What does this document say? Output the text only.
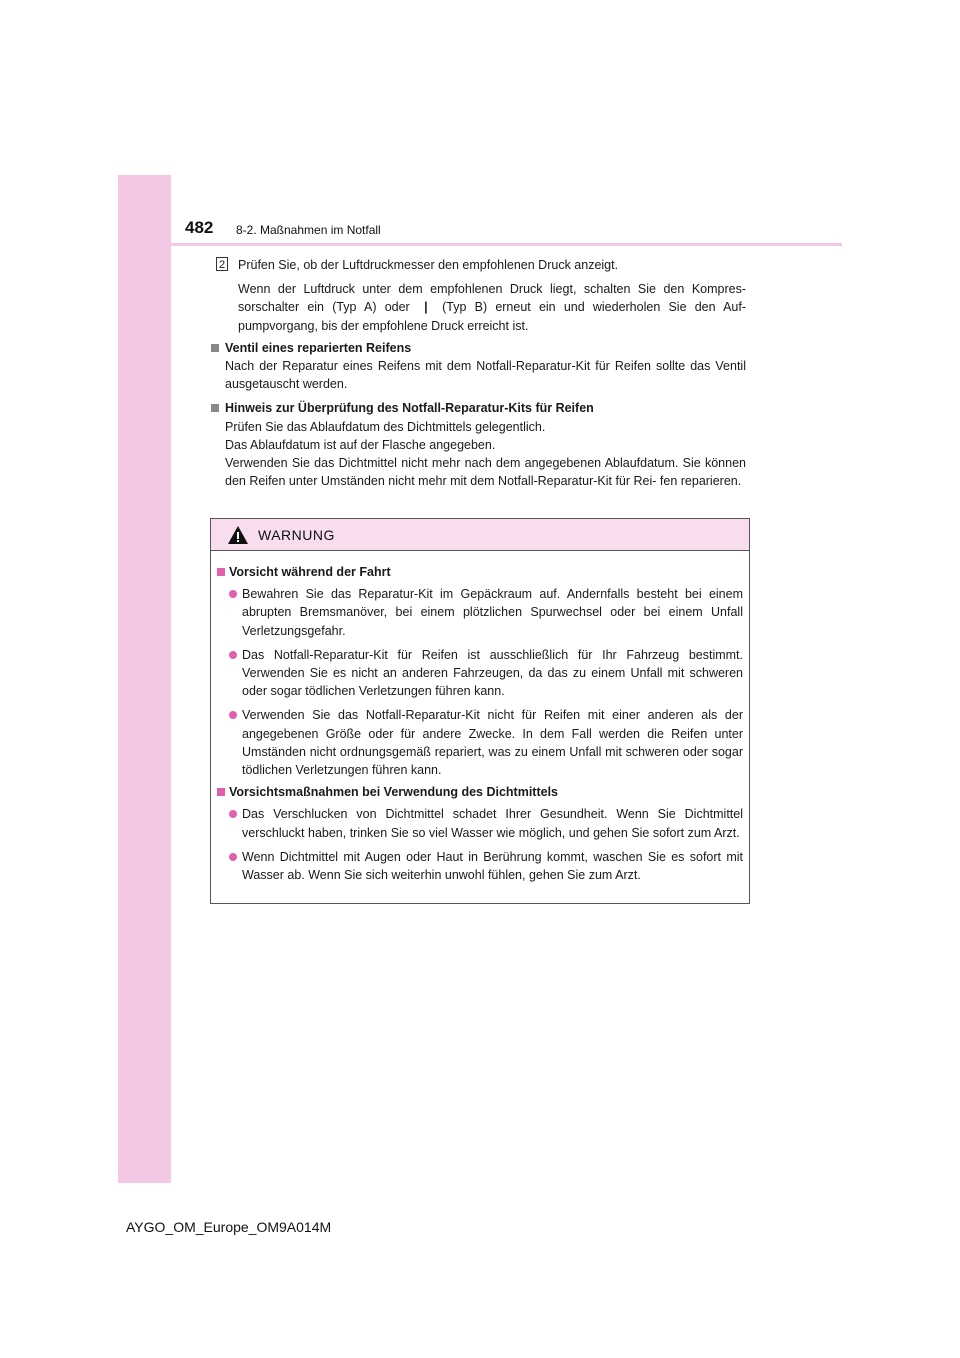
482 8-2. Maßnahmen im Notfall
2	Prüfen Sie, ob der Luftdruckmesser den empfohlenen Druck anzeigt.

Wenn der Luftdruck unter dem empfohlenen Druck liegt, schalten Sie den Kompres- sorschalter ein (Typ A) oder | (Typ B) erneut ein und wiederholen Sie den Auf- pumpvorgang, bis der empfohlene Druck erreicht ist.

Ventil eines reparierten Reifens

Nach der Reparatur eines Reifens mit dem Notfall-Reparatur-Kit für Reifen sollte das Ventil ausgetauscht werden.

Hinweis zur Überprüfung des Notfall-Reparatur-Kits für Reifen

Prüfen Sie das Ablaufdatum des Dichtmittels gelegentlich.

Das Ablaufdatum ist auf der Flasche angegeben.

Verwenden Sie das Dichtmittel nicht mehr nach dem angegebenen Ablaufdatum. Sie können den Reifen unter Umständen nicht mehr mit dem Notfall-Reparatur-Kit für Rei- fen reparieren.

WARNUNG

Vorsicht während der Fahrt

Bewahren Sie das Reparatur-Kit im Gepäckraum auf. Andernfalls besteht bei einem abrupten Bremsmanöver, bei einem plötzlichen Spurwechsel oder bei einem Unfall Verletzungsgefahr.

Das Notfall-Reparatur-Kit für Reifen ist ausschließlich für Ihr Fahrzeug bestimmt. Verwenden Sie es nicht an anderen Fahrzeugen, da das zu einem Unfall mit schweren oder sogar tödlichen Verletzungen führen kann.

Verwenden Sie das Notfall-Reparatur-Kit nicht für Reifen mit einer anderen als der angegebenen Größe oder für andere Zwecke. In dem Fall werden die Reifen unter Umständen nicht ordnungsgemäß repariert, was zu einem Unfall mit schweren oder sogar tödlichen Verletzungen führen kann.

Vorsichtsmaßnahmen bei Verwendung des Dichtmittels

Das Verschlucken von Dichtmittel schadet Ihrer Gesundheit. Wenn Sie Dichtmittel verschluckt haben, trinken Sie so viel Wasser wie möglich, und gehen Sie sofort zum Arzt.

Wenn Dichtmittel mit Augen oder Haut in Berührung kommt, waschen Sie es sofort mit Wasser ab. Wenn Sie sich weiterhin unwohl fühlen, gehen Sie zum Arzt.

AYGO_OM_Europe_OM9A014M
